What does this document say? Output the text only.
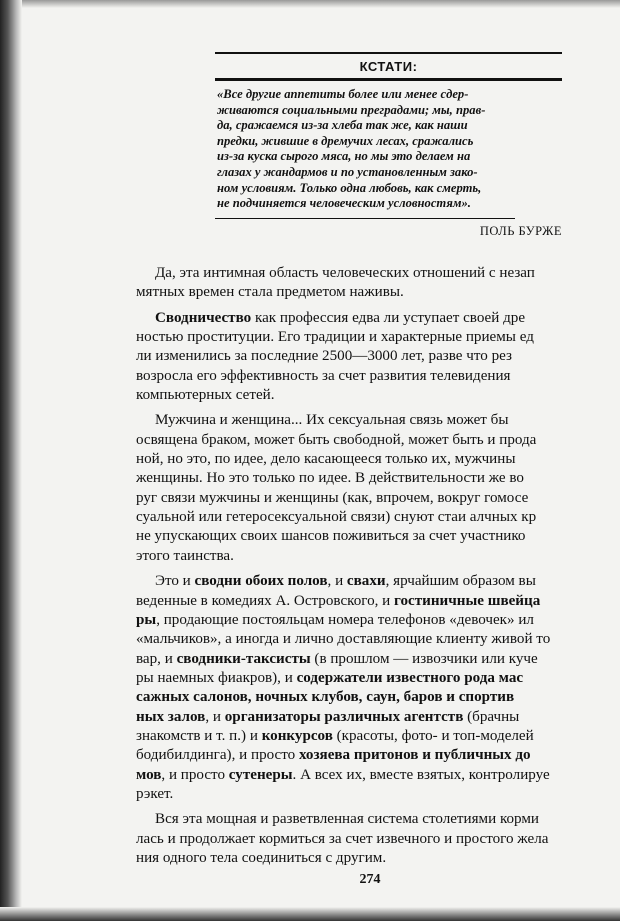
КСТАТИ:
«Все другие аппетиты более или менее сдер-
живаются социальными преградами; мы, прав-
да, сражаемся из-за хлеба так же, как наши
предки, жившие в дремучих лесах, сражались
из-за куска сырого мяса, но мы это делаем на
глазах у жандармов и по установленным зако-
ном условиям. Только одна любовь, как смерть,
не подчиняется человеческим условностям».
ПОЛЬ БУРЖЕ
Да, эта интимная область человеческих отношений с незап
мятных времен стала предметом наживы.
Сводничество как профессия едва ли уступает своей дре
ностью проституции. Его традиции и характерные приемы ед
ли изменились за последние 2500—3000 лет, разве что рез
возросла его эффективность за счет развития телевидения
компьютерных сетей.
Мужчина и женщина... Их сексуальная связь может бы
освящена браком, может быть свободной, может быть и прода
ной, но это, по идее, дело касающееся только их, мужчины
женщины. Но это только по идее. В действительности же во
руг связи мужчины и женщины (как, впрочем, вокруг гомосе
суальной или гетеросексуальной связи) снуют стаи алчных кр
не упускающих своих шансов поживиться за счет участнико
этого таинства.
Это и сводни обоих полов, и свахи, ярчайшим образом вы
веденные в комедиях А. Островского, и гостиничные швейца
ры, продающие постояльцам номера телефонов «девочек» ил
«мальчиков», а иногда и лично доставляющие клиенту живой то
вар, и сводники-таксисты (в прошлом — извозчики или куче
ры наемных фиакров), и содержатели известного рода мас
сажных салонов, ночных клубов, саун, баров и спортив
ных залов, и организаторы различных агентств (брачны
знакомств и т. п.) и конкурсов (красоты, фото- и топ-моделей
бодибилдинга), и просто хозяева притонов и публичных до
мов, и просто сутенеры. А всех их, вместе взятых, контролируе
рэкет.
Вся эта мощная и разветвленная система столетиями корми
лась и продолжает кормиться за счет извечного и простого жела
ния одного тела соединиться с другим.
274
